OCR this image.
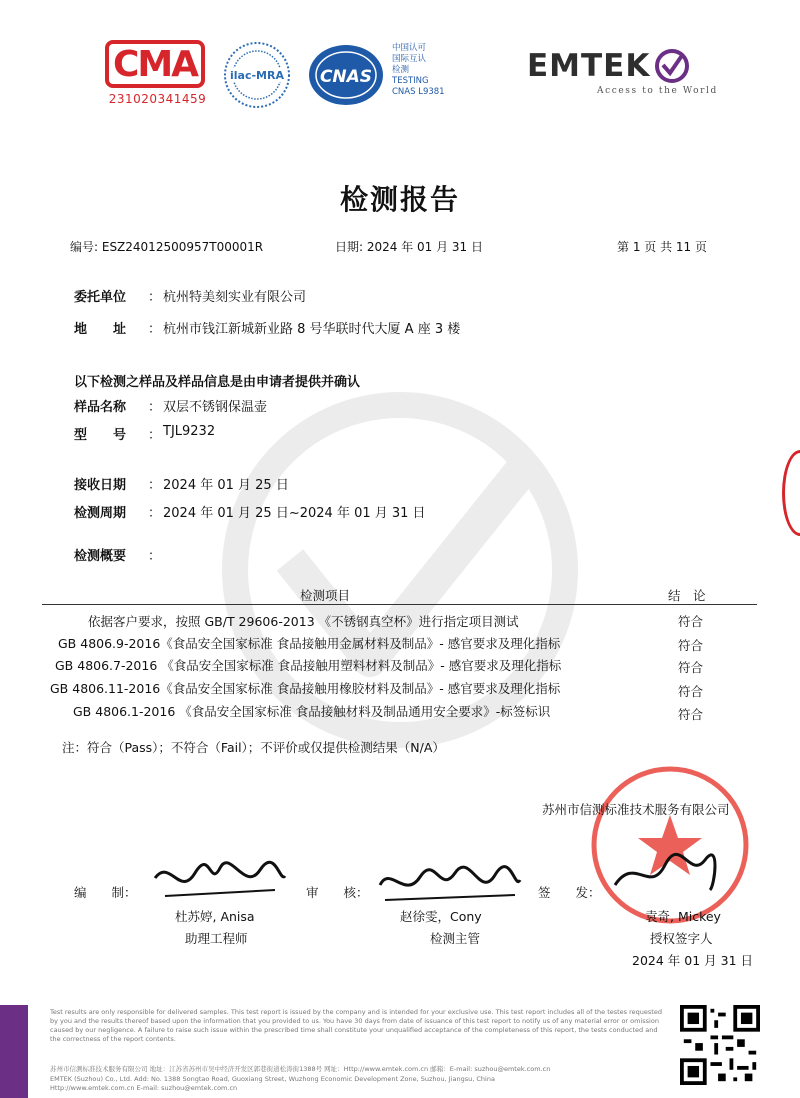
CMA
231020341459
ilac-MRA CNAS
中国认可
国际互认
检测
TESTING
CNAS L9381
EMTEK
Access to the World
检测报告
编号: ESZ24012500957T00001R	日期: 2024 年 01 月 31 日	第 1 页 共 11 页
委托单位 ： 杭州特美刻实业有限公司
地　　址 ： 杭州市钱江新城新业路 8 号华联时代大厦 A 座 3 楼
以下检测之样品及样品信息是由申请者提供并确认
样品名称 ： 双层不锈钢保温壶
型　　号 ： TJL9232
接收日期 ： 2024 年 01 月 25 日
检测周期 ： 2024 年 01 月 25 日~2024 年 01 月 31 日
检测概要 ：
检测项目	结　论
依据客户要求，按照 GB/T 29606-2013 《不锈钢真空杯》进行指定项目测试	符合
GB 4806.9-2016《食品安全国家标准 食品接触用金属材料及制品》- 感官要求及理化指标	符合
GB 4806.7-2016 《食品安全国家标准 食品接触用塑料材料及制品》- 感官要求及理化指标	符合
GB 4806.11-2016《食品安全国家标准 食品接触用橡胶材料及制品》- 感官要求及理化指标	符合
GB 4806.1-2016 《食品安全国家标准 食品接触材料及制品通用安全要求》-标签标识	符合
注：符合（Pass）；不符合（Fail）；不评价或仅提供检测结果（N/A）
苏州市信测标准技术服务有限公司
编　　制：	审　　核：	签　　发：
杜苏婷, Anisa
助理工程师
赵徐雯，Cony
检测主管
袁奇, Mickey
授权签字人
2024 年 01 月 31 日
Test results are only responsible for delivered samples. This test report is issued by the company and is intended for your exclusive use. This test report includes all of the testes requested by you and the results thereof based upon the information that you provided to us. You have 30 days from date of issuance of this test report to notify us of any material error or omission caused by our negligence. A failure to raise such issue within the prescribed time shall constitute your unqualified acceptance of the completeness of this report, the tests conducted and the correctness of the report contents.
苏州市信测标准技术服务有限公司 地址：江苏省苏州市吴中经济开发区郭巷街道松涛街1388号 网址：Http://www.emtek.com.cn 邮箱：E-mail: suzhou@emtek.com.cn
EMTEK (Suzhou) Co., Ltd. Add: No. 1388 Songtao Road, Guoxiang Street, Wuzhong Economic Development Zone, Suzhou, Jiangsu, China
Http://www.emtek.com.cn E-mail: suzhou@emtek.com.cn
